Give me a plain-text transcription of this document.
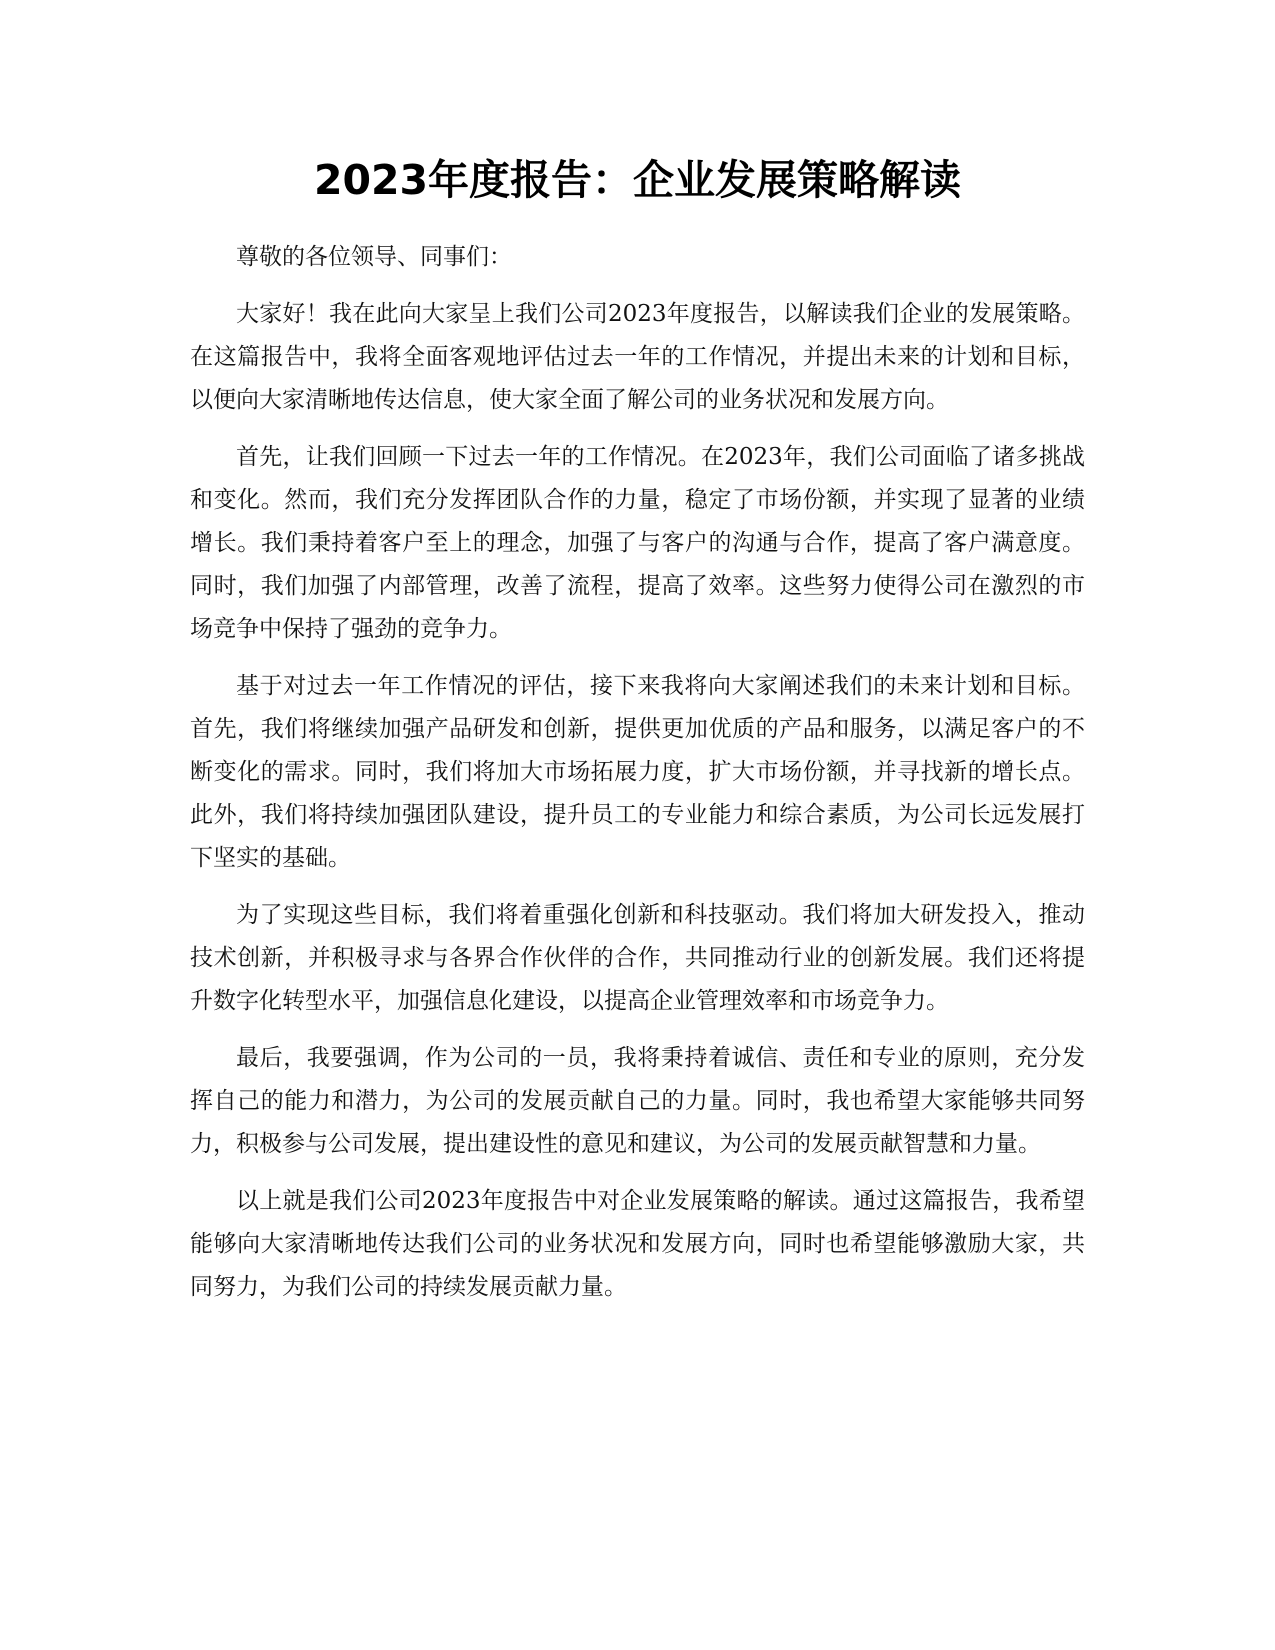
2023年度报告：企业发展策略解读

尊敬的各位领导、同事们：

大家好！我在此向大家呈上我们公司2023年度报告，以解读我们企业的发展策略。在这篇报告中，我将全面客观地评估过去一年的工作情况，并提出未来的计划和目标，以便向大家清晰地传达信息，使大家全面了解公司的业务状况和发展方向。

首先，让我们回顾一下过去一年的工作情况。在2023年，我们公司面临了诸多挑战和变化。然而，我们充分发挥团队合作的力量，稳定了市场份额，并实现了显著的业绩增长。我们秉持着客户至上的理念，加强了与客户的沟通与合作，提高了客户满意度。同时，我们加强了内部管理，改善了流程，提高了效率。这些努力使得公司在激烈的市场竞争中保持了强劲的竞争力。

基于对过去一年工作情况的评估，接下来我将向大家阐述我们的未来计划和目标。首先，我们将继续加强产品研发和创新，提供更加优质的产品和服务，以满足客户的不断变化的需求。同时，我们将加大市场拓展力度，扩大市场份额，并寻找新的增长点。此外，我们将持续加强团队建设，提升员工的专业能力和综合素质，为公司长远发展打下坚实的基础。

为了实现这些目标，我们将着重强化创新和科技驱动。我们将加大研发投入，推动技术创新，并积极寻求与各界合作伙伴的合作，共同推动行业的创新发展。我们还将提升数字化转型水平，加强信息化建设，以提高企业管理效率和市场竞争力。

最后，我要强调，作为公司的一员，我将秉持着诚信、责任和专业的原则，充分发挥自己的能力和潜力，为公司的发展贡献自己的力量。同时，我也希望大家能够共同努力，积极参与公司发展，提出建设性的意见和建议，为公司的发展贡献智慧和力量。

以上就是我们公司2023年度报告中对企业发展策略的解读。通过这篇报告，我希望能够向大家清晰地传达我们公司的业务状况和发展方向，同时也希望能够激励大家，共同努力，为我们公司的持续发展贡献力量。
